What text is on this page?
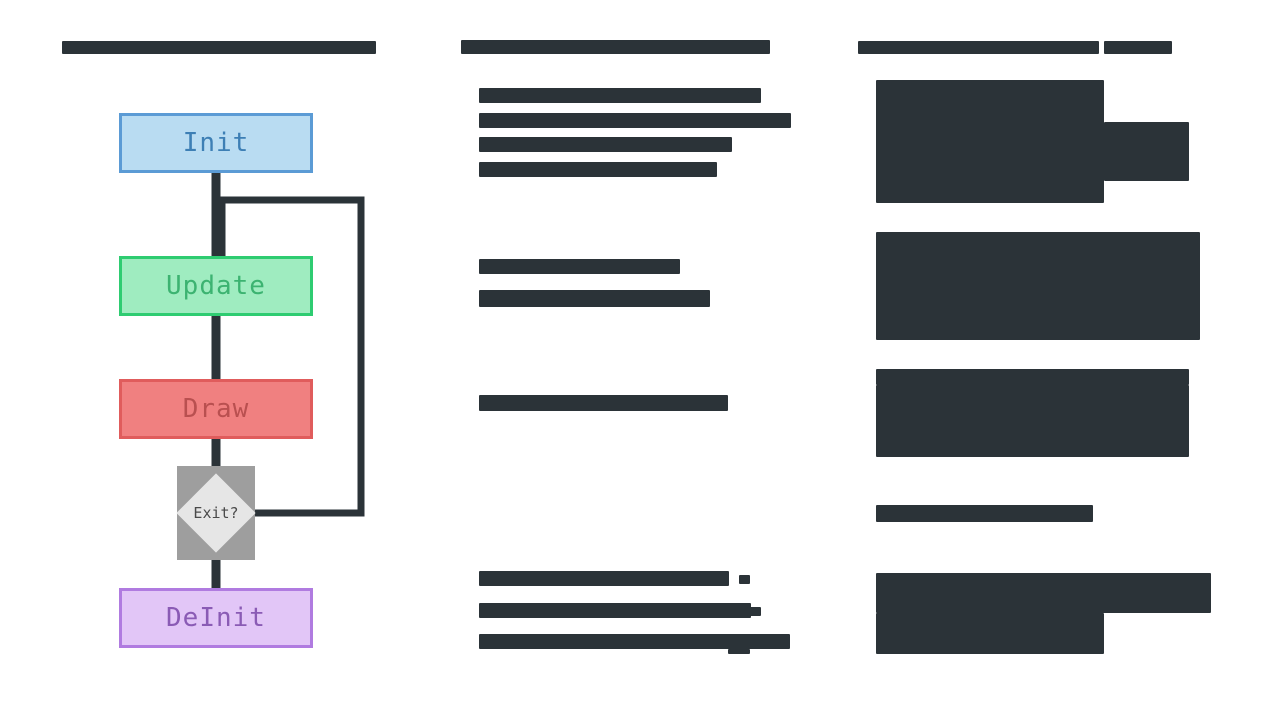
Init
Update
Draw
Exit?
DeInit
